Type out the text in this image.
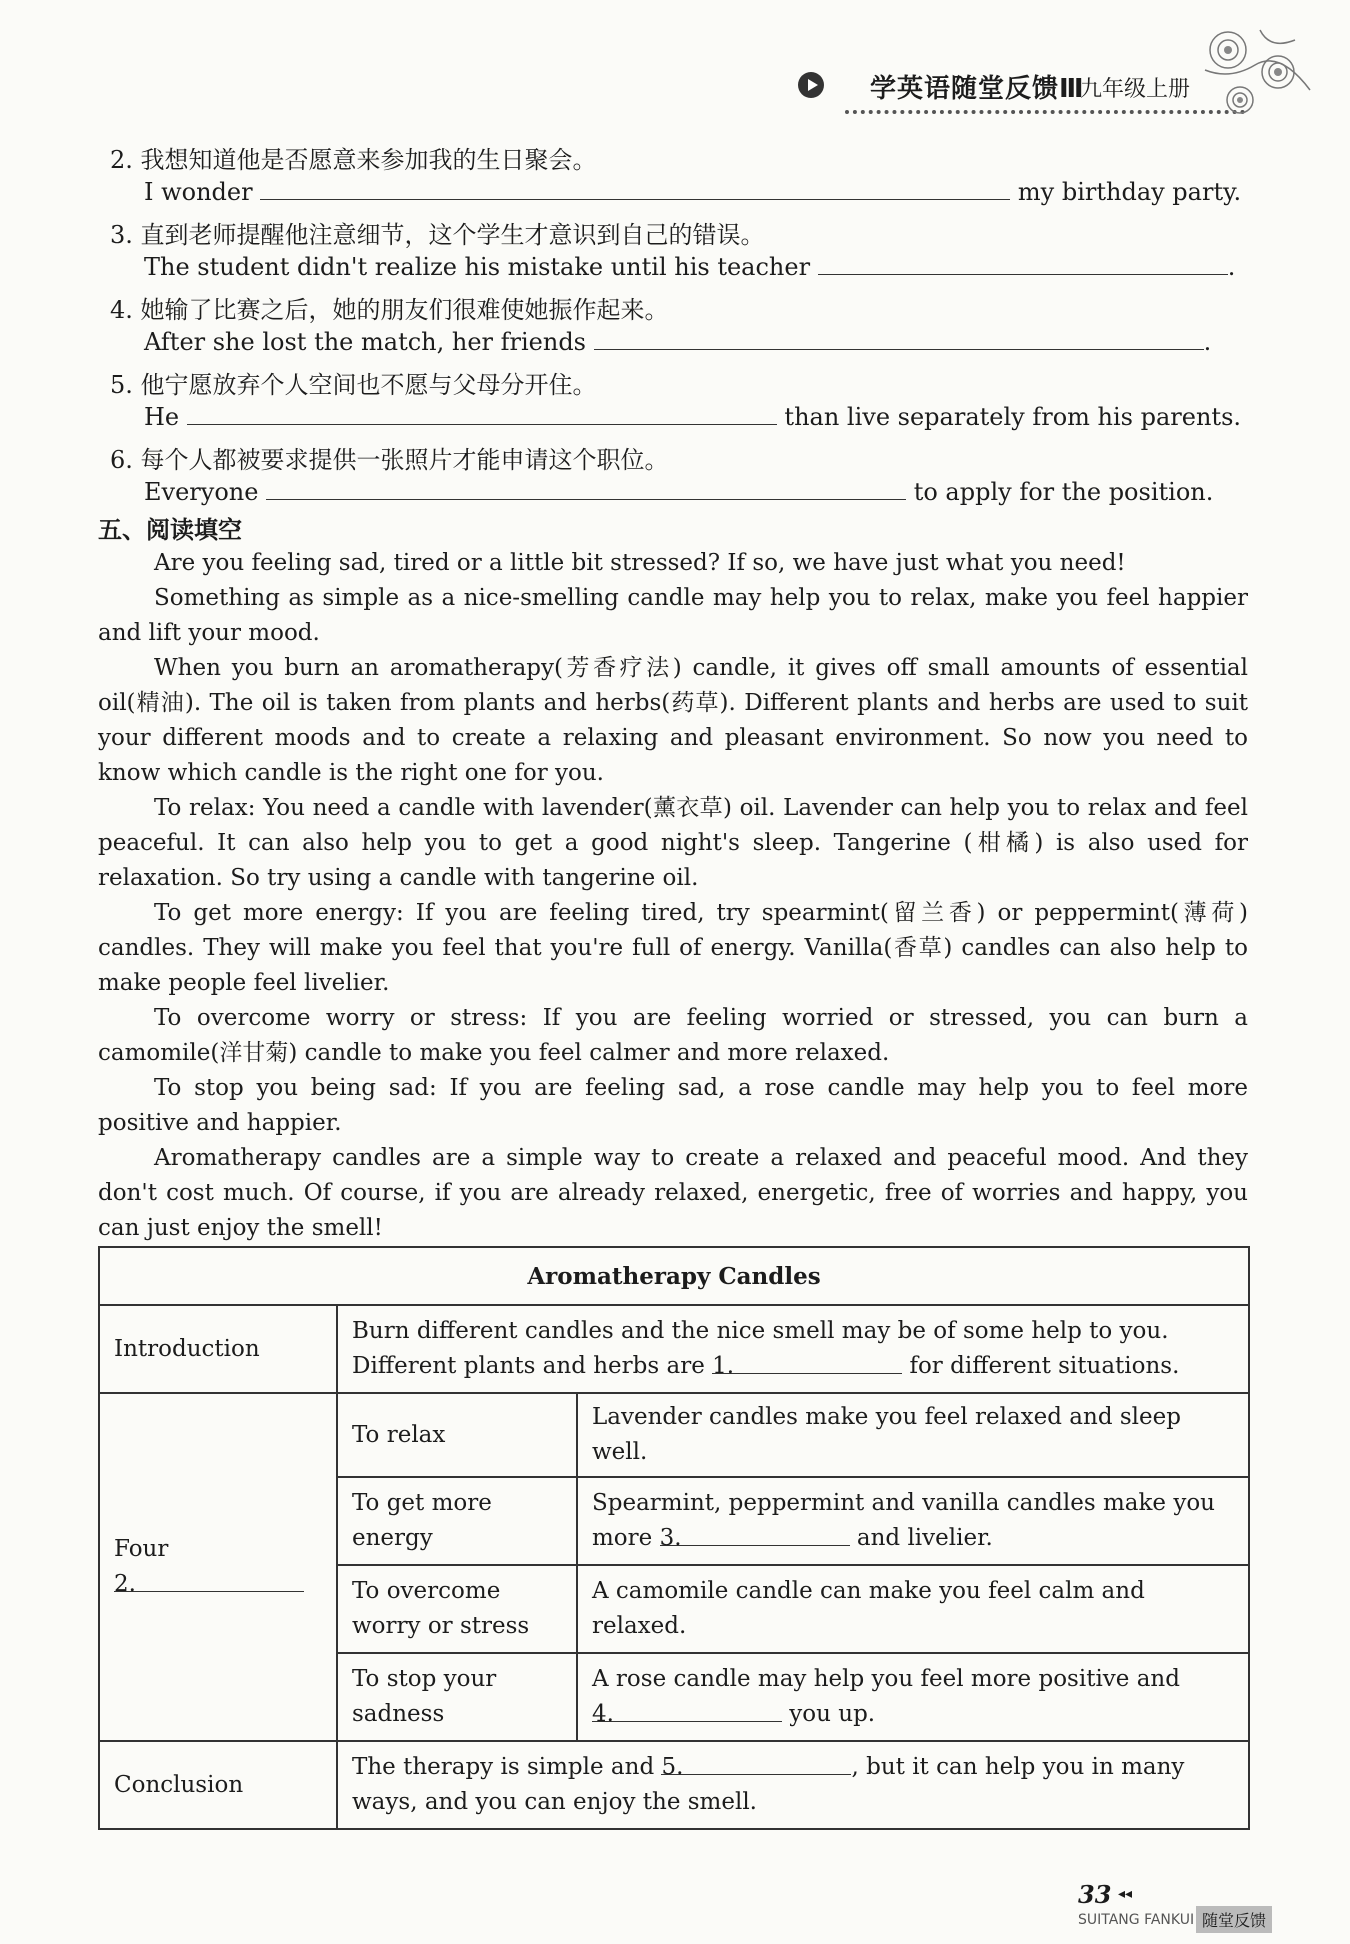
学英语随堂反馈Ⅲ
九年级上册
2. 我想知道他是否愿意来参加我的生日聚会。
I wonder	my birthday party.
3. 直到老师提醒他注意细节，这个学生才意识到自己的错误。
The student didn't realize his mistake until his teacher	.
4. 她输了比赛之后，她的朋友们很难使她振作起来。
After she lost the match, her friends	.
5. 他宁愿放弃个人空间也不愿与父母分开住。
He	than live separately from his parents.
6. 每个人都被要求提供一张照片才能申请这个职位。
Everyone	to apply for the position.
五、阅读填空

Are you feeling sad, tired or a little bit stressed? If so, we have just what you need!

Something as simple as a nice-smelling candle may help you to relax, make you feel happier and lift your mood.

When you burn an aromatherapy(芳香疗法) candle, it gives off small amounts of essential oil(精油). The oil is taken from plants and herbs(药草). Different plants and herbs are used to suit your different moods and to create a relaxing and pleasant environment. So now you need to know which candle is the right one for you.

To relax: You need a candle with lavender(薰衣草) oil. Lavender can help you to relax and feel peaceful. It can also help you to get a good night's sleep. Tangerine (柑橘) is also used for relaxation. So try using a candle with tangerine oil.

To get more energy: If you are feeling tired, try spearmint(留兰香) or peppermint(薄荷) candles. They will make you feel that you're full of energy. Vanilla(香草) candles can also help to make people feel livelier.

To overcome worry or stress: If you are feeling worried or stressed, you can burn a camomile(洋甘菊) candle to make you feel calmer and more relaxed.

To stop you being sad: If you are feeling sad, a rose candle may help you to feel more positive and happier.

Aromatherapy candles are a simple way to create a relaxed and peaceful mood. And they don't cost much. Of course, if you are already relaxed, energetic, free of worries and happy, you can just enjoy the smell!

Aromatherapy Candles		
Introduction	Burn different candles and the nice smell may be of some help to you.
Different plants and herbs are 1. for different situations.	

Four
2.	To relax	Lavender candles make you feel relaxed and sleep well.
	To get more energy	Spearmint, peppermint and vanilla candles make you more 3. and livelier.
	To overcome worry or stress	A camomile candle can make you feel calm and relaxed.
	To stop your sadness	A rose candle may help you feel more positive and 4. you up.
Conclusion	The therapy is simple and 5. , but it can help you in many ways, and you can enjoy the smell.	
33 ◂◂
SUITANG FANKUI 随堂反馈
